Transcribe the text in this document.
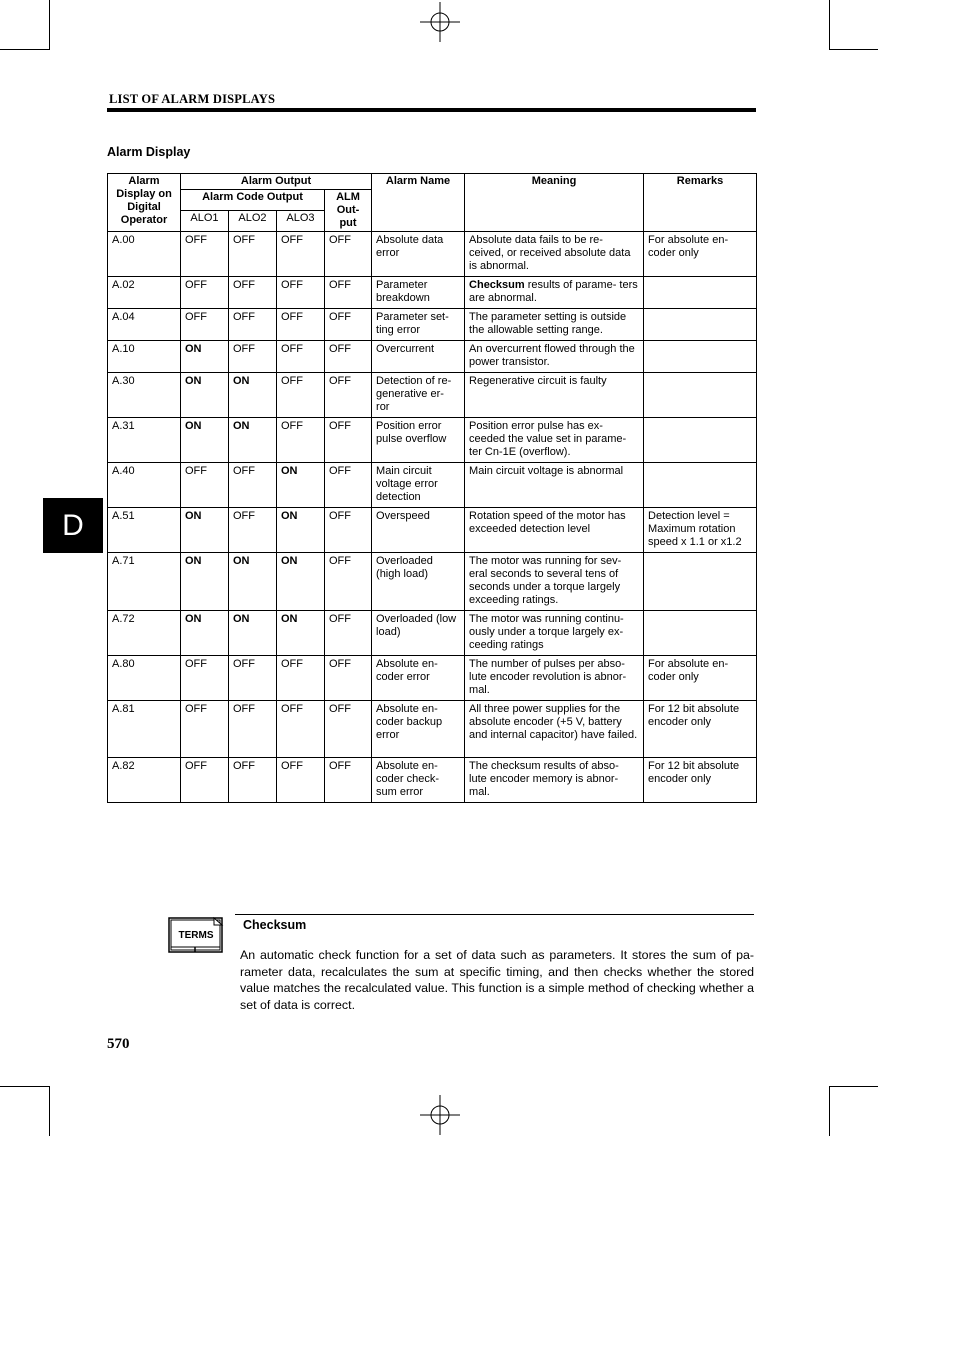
LIST OF ALARM DISPLAYS
D
Alarm Display
Alarm Display on Digital Operator	Alarm Output				Alarm Name	Meaning	Remarks
	Alarm Code Output			ALM Out- put			
	ALO1	ALO2	ALO3				
A.00	OFF	OFF	OFF	OFF	Absolute data error	Absolute data fails to be re- ceived, or received absolute data is abnormal.	For absolute en- coder only
A.02	OFF	OFF	OFF	OFF	Parameter breakdown	Checksum results of parame- ters are abnormal.	
A.04	OFF	OFF	OFF	OFF	Parameter set- ting error	The parameter setting is outside the allowable setting range.	
A.10	ON	OFF	OFF	OFF	Overcurrent	An overcurrent flowed through the power transistor.	
A.30	ON	ON	OFF	OFF	Detection of re- generative er- ror	Regenerative circuit is faulty	
A.31	ON	ON	OFF	OFF	Position error pulse overflow	Position error pulse has ex- ceeded the value set in parame- ter Cn-1E (overflow).	
A.40	OFF	OFF	ON	OFF	Main circuit voltage error detection	Main circuit voltage is abnormal	
A.51	ON	OFF	ON	OFF	Overspeed	Rotation speed of the motor has exceeded detection level	Detection level = Maximum rotation speed x 1.1 or x1.2
A.71	ON	ON	ON	OFF	Overloaded (high load)	The motor was running for sev- eral seconds to several tens of seconds under a torque largely exceeding ratings.	
A.72	ON	ON	ON	OFF	Overloaded (low load)	The motor was running continu- ously under a torque largely ex- ceeding ratings	
A.80	OFF	OFF	OFF	OFF	Absolute en- coder error	The number of pulses per abso- lute encoder revolution is abnor- mal.	For absolute en- coder only
A.81	OFF	OFF	OFF	OFF	Absolute en- coder backup error	All three power supplies for the absolute encoder (+5 V, battery and internal capacitor) have failed.	For 12 bit absolute encoder only
A.82	OFF	OFF	OFF	OFF	Absolute en- coder check- sum error	The checksum results of abso- lute encoder memory is abnor- mal.	For 12 bit absolute encoder only
TERMS
Checksum
An automatic check function for a set of data such as parameters. It stores the sum of pa- rameter data, recalculates the sum at specific timing, and then checks whether the stored value matches the recalculated value. This function is a simple method of checking whether a set of data is correct.
570
